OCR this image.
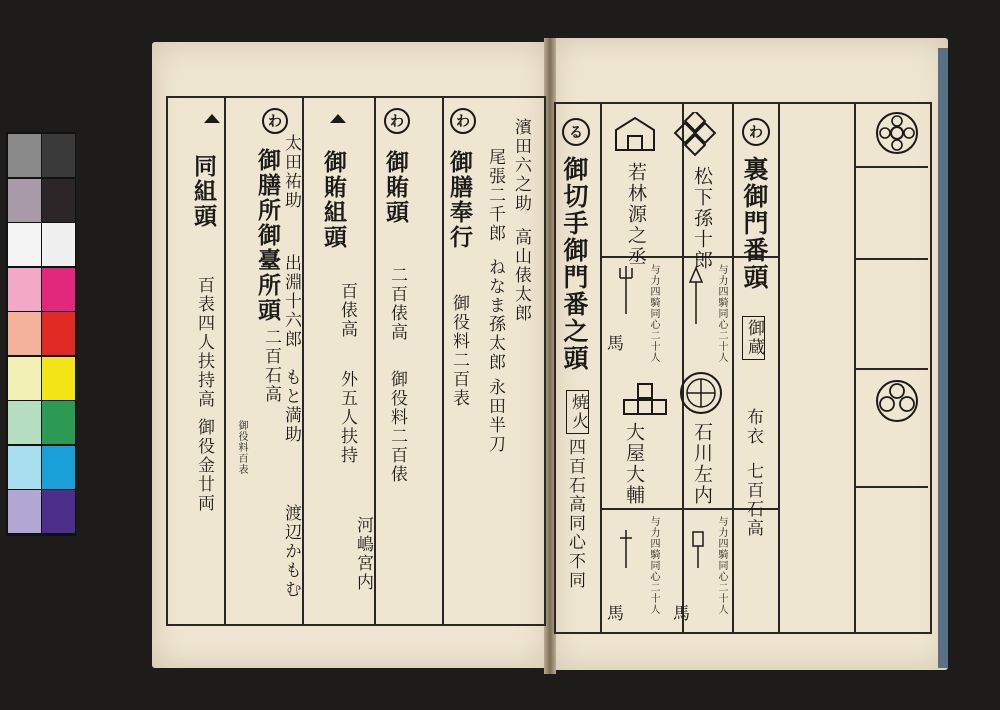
同組頭
百表四人扶持高
御役金廿両
わ
御膳所御臺所頭
二百石高
御役料百表
太田祐助
出淵十六郎
もと満助
渡辺かもむ
御賄組頭
百俵高
外五人扶持
河嶋宮内
わ
御賄頭
二百俵高
御役料二百俵
わ
御膳奉行
御役料二百表
濱田六之助
高山俵太郎
尾張二千郎
ねなま孫太郎
永田半刀
わ
裏御門番頭
御蔵
布衣
七百石高
松下孫十郎
若林源之丞
与力四騎同心二十人
与力四騎同心二十人
る
御切手御門番之頭
焼火
四百石高
同心不同
石川左内
大屋大輔
与力四騎同心二十人
与力四騎同心二十人
馬
馬	馬
